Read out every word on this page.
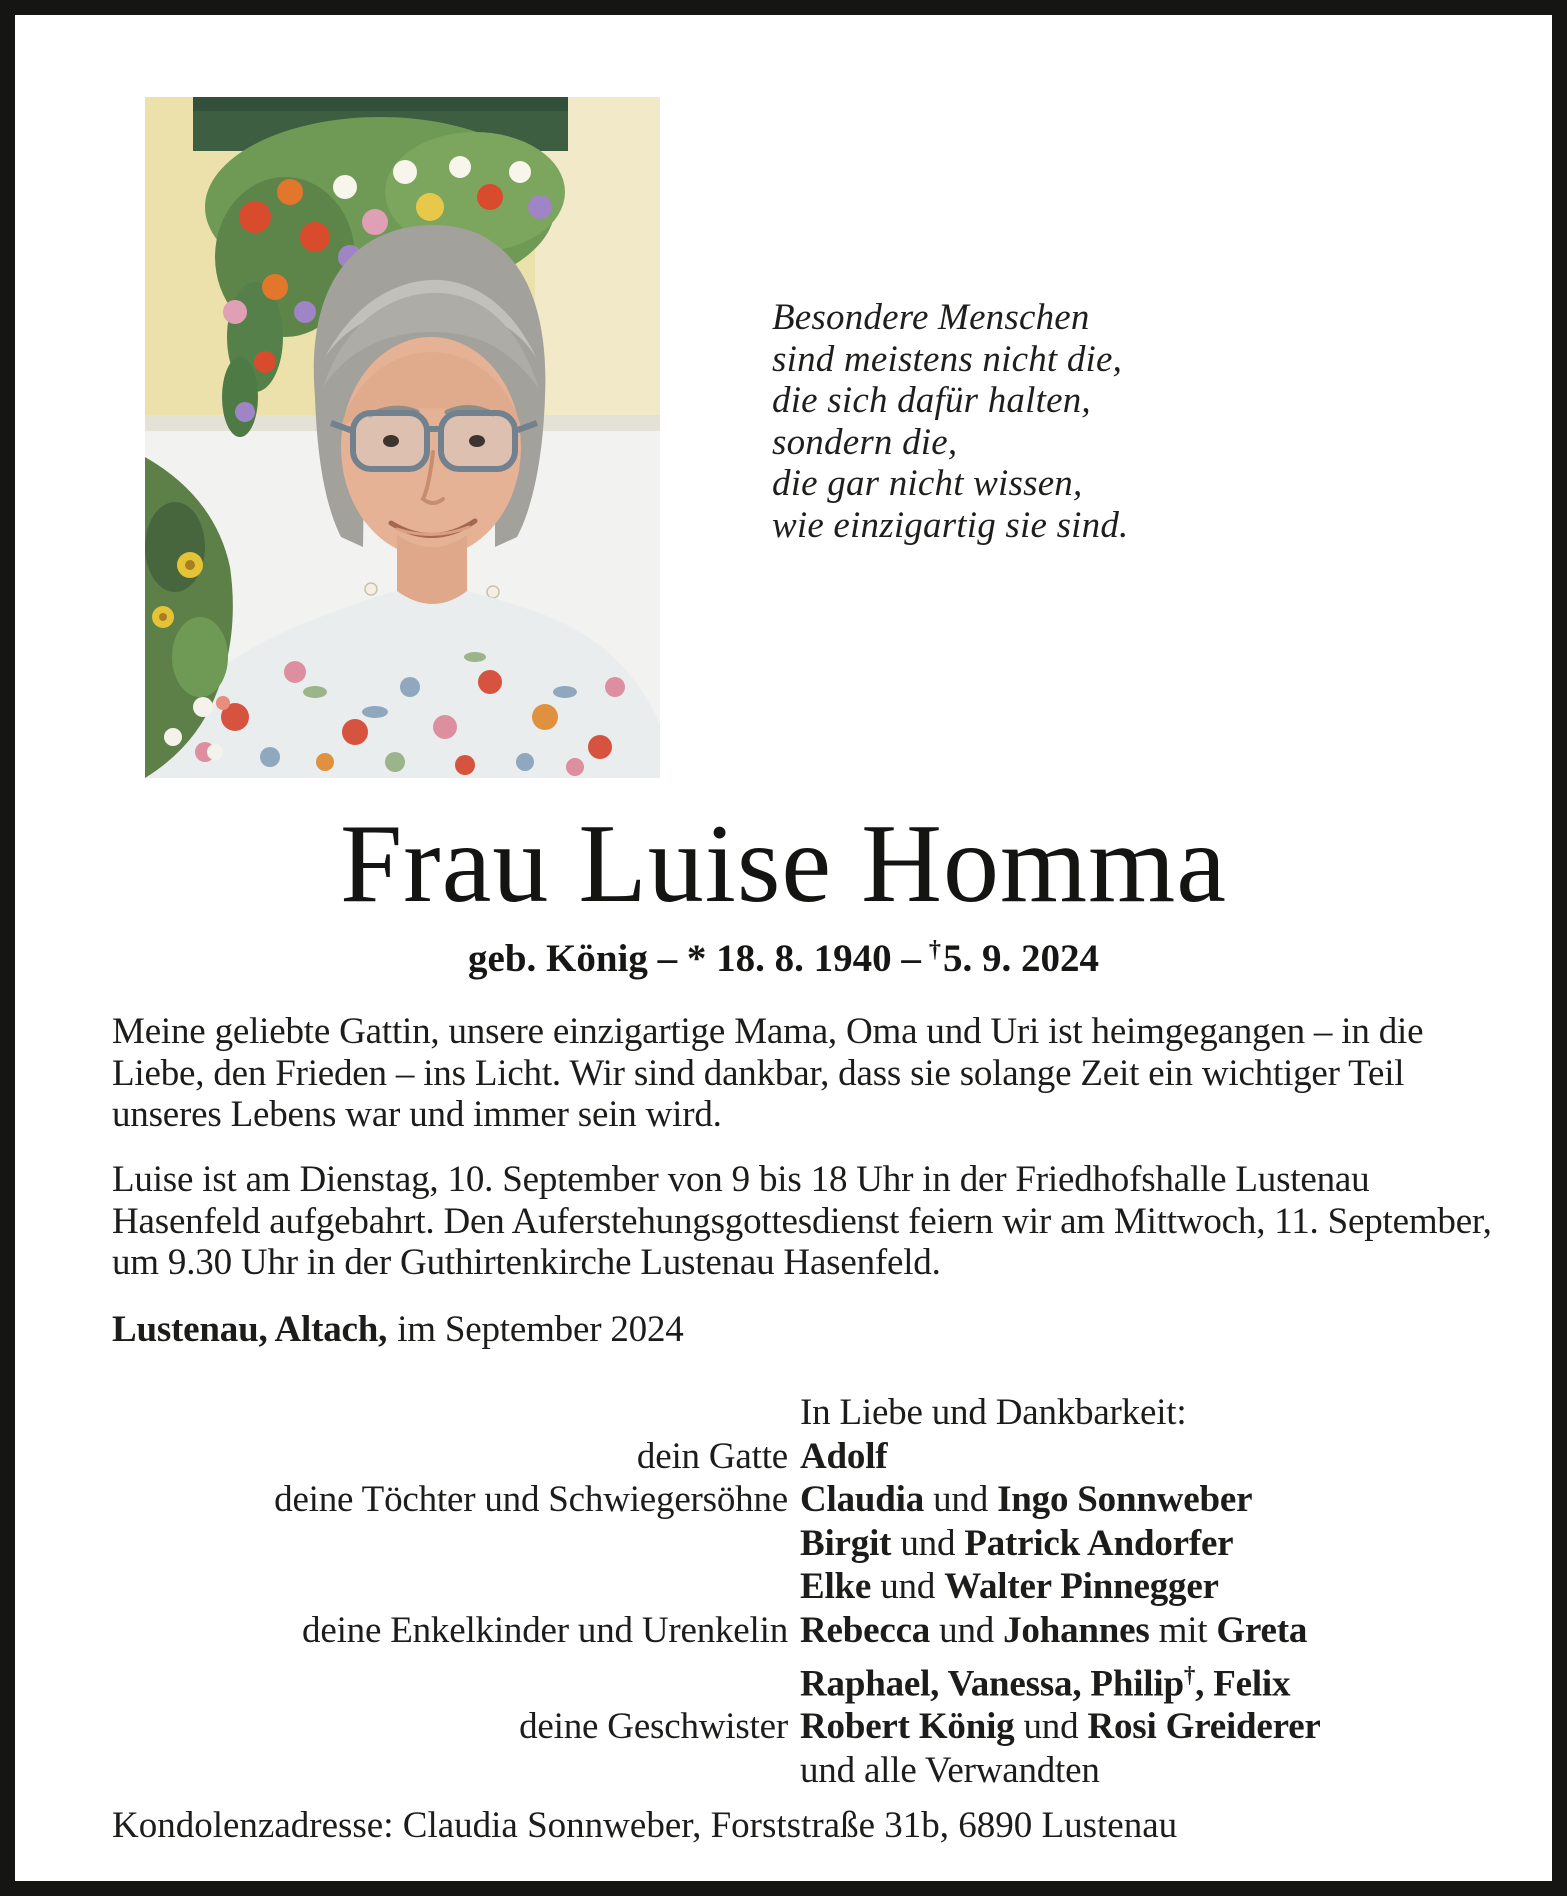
Besondere Menschen
sind meistens nicht die,
die sich dafür halten,
sondern die,
die gar nicht wissen,
wie einzigartig sie sind.
Frau Luise Homma
geb. König – * 18. 8. 1940 – †5. 9. 2024
Meine geliebte Gattin, unsere einzigartige Mama, Oma und Uri ist heimgegangen – in die Liebe, den Frieden – ins Licht. Wir sind dankbar, dass sie solange Zeit ein wichtiger Teil unseres Lebens war und immer sein wird.
Luise ist am Dienstag, 10. September von 9 bis 18 Uhr in der Friedhofshalle Lustenau Hasenfeld aufgebahrt. Den Auferstehungsgottesdienst feiern wir am Mittwoch, 11. September, um 9.30 Uhr in der Guthirtenkirche Lustenau Hasenfeld.
Lustenau, Altach, im September 2024
In Liebe und Dankbarkeit:
dein Gatte Adolf
deine Töchter und Schwiegersöhne Claudia und Ingo Sonnweber
Birgit und Patrick Andorfer
Elke und Walter Pinnegger
deine Enkelkinder und Urenkelin Rebecca und Johannes mit Greta
Raphael, Vanessa, Philip†, Felix
deine Geschwister Robert König und Rosi Greiderer
und alle Verwandten
Kondolenzadresse: Claudia Sonnweber, Forststraße 31b, 6890 Lustenau
